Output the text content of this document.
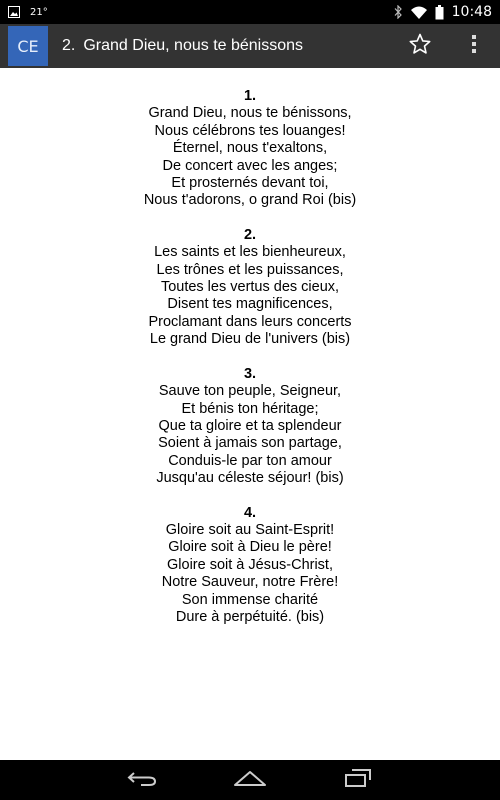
21°	10:48
CE	2. Grand Dieu, nous te bénissons
1.
Grand Dieu, nous te bénissons,
Nous célébrons tes louanges!
Éternel, nous t'exaltons,
De concert avec les anges;
Et prosternés devant toi,
Nous t'adorons, o grand Roi (bis)
2.
Les saints et les bienheureux,
Les trônes et les puissances,
Toutes les vertus des cieux,
Disent tes magnificences,
Proclamant dans leurs concerts
Le grand Dieu de l'univers (bis)
3.
Sauve ton peuple, Seigneur,
Et bénis ton héritage;
Que ta gloire et ta splendeur
Soient à jamais son partage,
Conduis-le par ton amour
Jusqu'au céleste séjour! (bis)
4.
Gloire soit au Saint-Esprit!
Gloire soit à Dieu le père!
Gloire soit à Jésus-Christ,
Notre Sauveur, notre Frère!
Son immense charité
Dure à perpétuité. (bis)
